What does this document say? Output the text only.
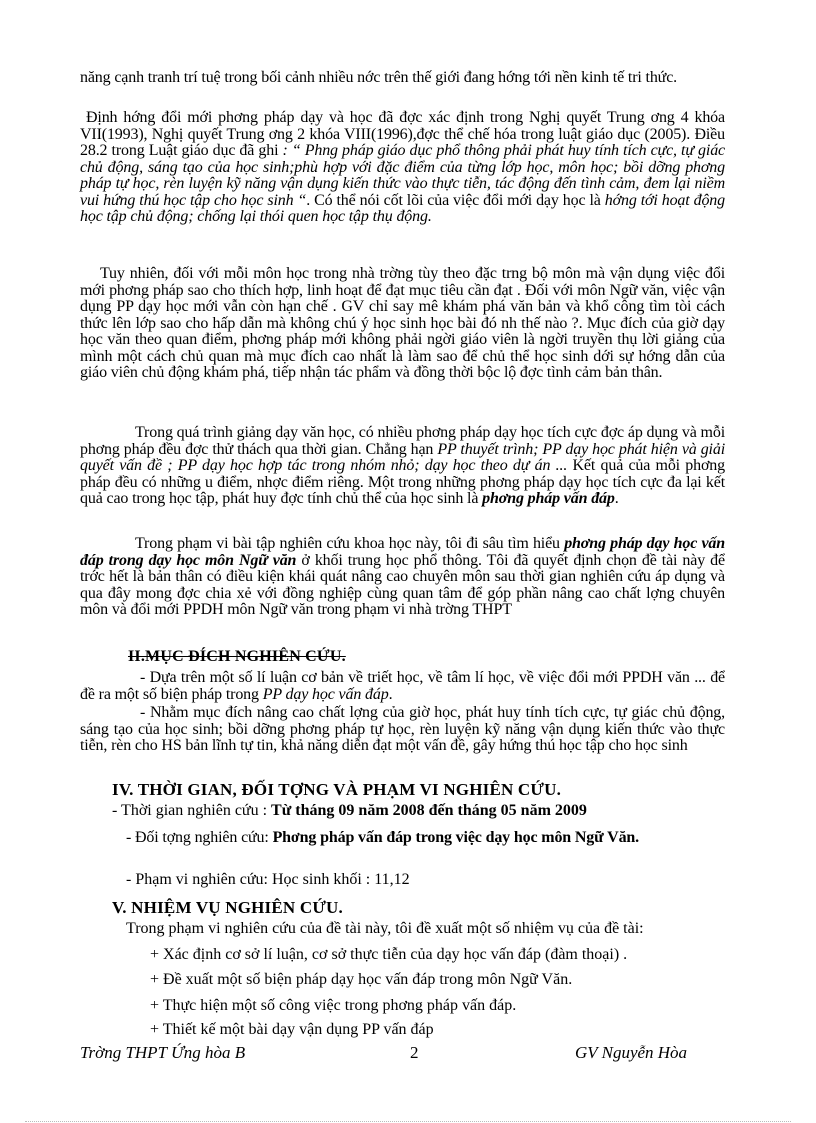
năng cạnh tranh trí tuệ trong bối cảnh nhiều nớc trên thế giới đang hớng tới nền kinh tế tri thức.
Định hớng đổi mới phơng pháp dạy và học đã đợc xác định trong Nghị quyết Trung ơng 4 khóa VII(1993), Nghị quyết Trung ơng 2 khóa VIII(1996),đợc thể chế hóa trong luật giáo dục (2005). Điều 28.2 trong Luật giáo dục đã ghi : “ Phng pháp giáo dục phổ thông phải phát huy tính tích cực, tự giác chủ động, sáng tạo của học sinh;phù hợp với đặc điểm của từng lớp học, môn học; bồi dỡng phơng pháp tự học, rèn luyện kỹ năng vận dụng kiến thức vào thực tiễn, tác động đến tình cảm, đem lại niềm vui hứng thú học tập cho học sinh “. Có thể nói cốt lõi của việc đổi mới dạy học là hớng tới hoạt động học tập chủ động; chống lại thói quen học tập thụ động.
Tuy nhiên, đối với mỗi môn học trong nhà trờng tùy theo đặc trng bộ môn mà vận dụng việc đổi mới phơng pháp sao cho thích hợp, linh hoạt để đạt mục tiêu cần đạt . Đối với môn Ngữ văn, việc vận dụng PP dạy học mới vẫn còn hạn chế . GV chỉ say mê khám phá văn bản và khổ công tìm tòi cách thức lên lớp sao cho hấp dẫn mà không chú ý học sinh học bài đó nh thế nào ?. Mục đích của giờ dạy học văn theo quan điểm, phơng pháp mới không phải ngời giáo viên là ngời truyền thụ lời giảng của mình một cách chủ quan mà mục đích cao nhất là làm sao để chủ thể học sinh dới sự hớng dẫn của giáo viên chủ động khám phá, tiếp nhận tác phẩm và đồng thời bộc lộ đợc tình cảm bản thân.
Trong quá trình giảng dạy văn học, có nhiều phơng pháp dạy học tích cực đợc áp dụng và mỗi phơng pháp đều đợc thử thách qua thời gian. Chẳng hạn PP thuyết trình; PP dạy học phát hiện và giải quyết vấn đề ; PP dạy học hợp tác trong nhóm nhỏ; dạy học theo dự án ... Kết quả của mỗi phơng pháp đều có những u điểm, nhợc điểm riêng. Một trong những phơng pháp dạy học tích cực đa lại kết quả cao trong học tập, phát huy đợc tính chủ thể của học sinh là phơng pháp vấn đáp.
Trong phạm vi bài tập nghiên cứu khoa học này, tôi đi sâu tìm hiểu phơng pháp dạy học vấn đáp trong dạy học môn Ngữ văn ở khối trung học phổ thông. Tôi đã quyết định chọn đề tài này để trớc hết là bản thân có điều kiện khái quát nâng cao chuyên môn sau thời gian nghiên cứu áp dụng và qua đây mong đợc chia xẻ với đồng nghiệp cùng quan tâm để góp phần nâng cao chất lợng chuyên môn và đổi mới PPDH môn Ngữ văn trong phạm vi nhà trờng THPT
II.MỤC ĐÍCH NGHIÊN CỨU.
- Dựa trên một số lí luận cơ bản về triết học, về tâm lí học, về việc đổi mới PPDH văn ... để đề ra một số biện pháp trong PP dạy học vấn đáp.
- Nhằm mục đích nâng cao chất lợng của giờ học, phát huy tính tích cực, tự giác chủ động, sáng tạo của học sinh; bồi dỡng phơng pháp tự học, rèn luyện kỹ năng vận dụng kiến thức vào thực tiễn, rèn cho HS bản lĩnh tự tin, khả năng diễn đạt một vấn đề, gây hứng thú học tập cho học sinh
IV. THỜI GIAN, ĐỐI TỢNG VÀ PHẠM VI NGHIÊN CỨU.
- Thời gian nghiên cứu : Từ tháng 09 năm 2008 đến tháng 05 năm 2009
- Đối tợng nghiên cứu: Phơng pháp vấn đáp trong việc dạy học môn Ngữ Văn.
- Phạm vi nghiên cứu: Học sinh khối : 11,12
V. NHIỆM VỤ NGHIÊN CỨU.
Trong phạm vi nghiên cứu của đề tài này, tôi đề xuất một số nhiệm vụ của đề tài:
+ Xác định cơ sở lí luận, cơ sở thực tiễn của dạy học vấn đáp (đàm thoại) .
+ Đề xuất một số biện pháp dạy học vấn đáp trong môn Ngữ Văn.
+ Thực hiện một số công việc trong phơng pháp vấn đáp.
+ Thiết kế một bài dạy vận dụng PP vấn đáp
Trờng THPT Ứng hòa B	2	GV Nguyễn Hòa
